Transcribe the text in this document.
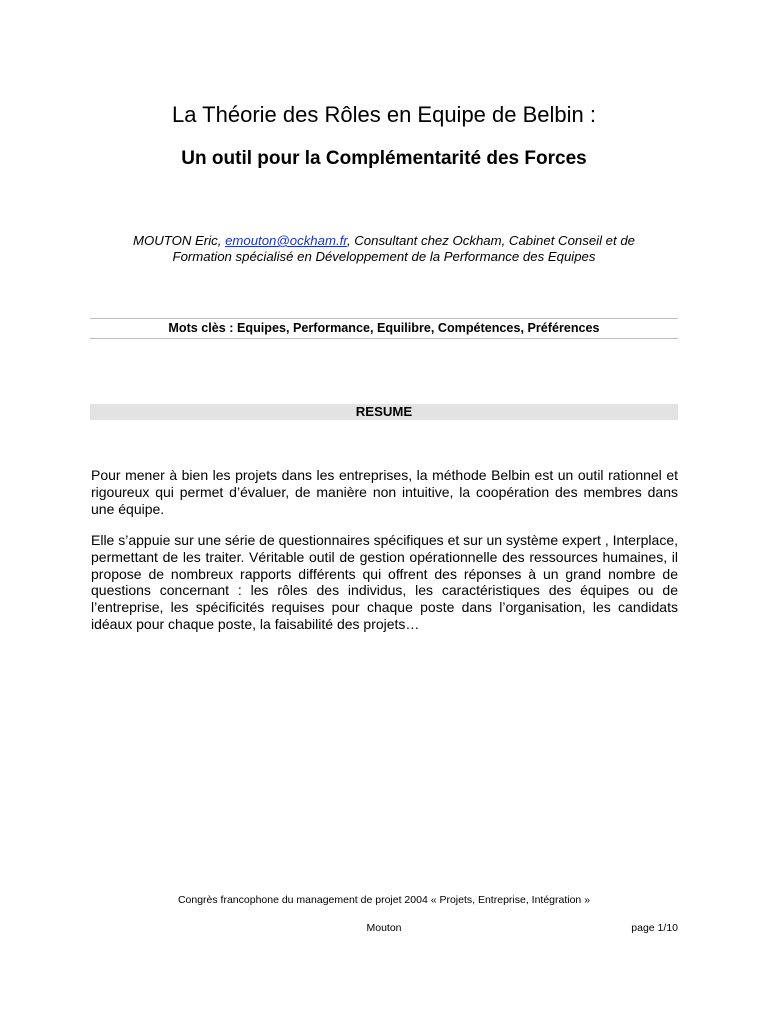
La Théorie des Rôles en Equipe de Belbin :
Un outil pour la Complémentarité des Forces
MOUTON Eric, emouton@ockham.fr, Consultant chez Ockham, Cabinet Conseil et de
Formation spécialisé en Développement de la Performance des Equipes
Mots clès : Equipes, Performance, Equilibre, Compétences, Préférences
RESUME

Pour mener à bien les projets dans les entreprises, la méthode Belbin est un outil rationnel et rigoureux qui permet d’évaluer, de manière non intuitive, la coopération des membres dans une équipe.

Elle s’appuie sur une série de questionnaires spécifiques et sur un système expert , Interplace, permettant de les traiter. Véritable outil de gestion opérationnelle des ressources humaines, il propose de nombreux rapports différents qui offrent des réponses à un grand nombre de questions concernant : les rôles des individus, les caractéristiques des équipes ou de l’entreprise, les spécificités requises pour chaque poste dans l’organisation, les candidats idéaux pour chaque poste, la faisabilité des projets…

Congrès francophone du management de projet 2004 « Projets, Entreprise, Intégration »
Mouton	page 1/10
